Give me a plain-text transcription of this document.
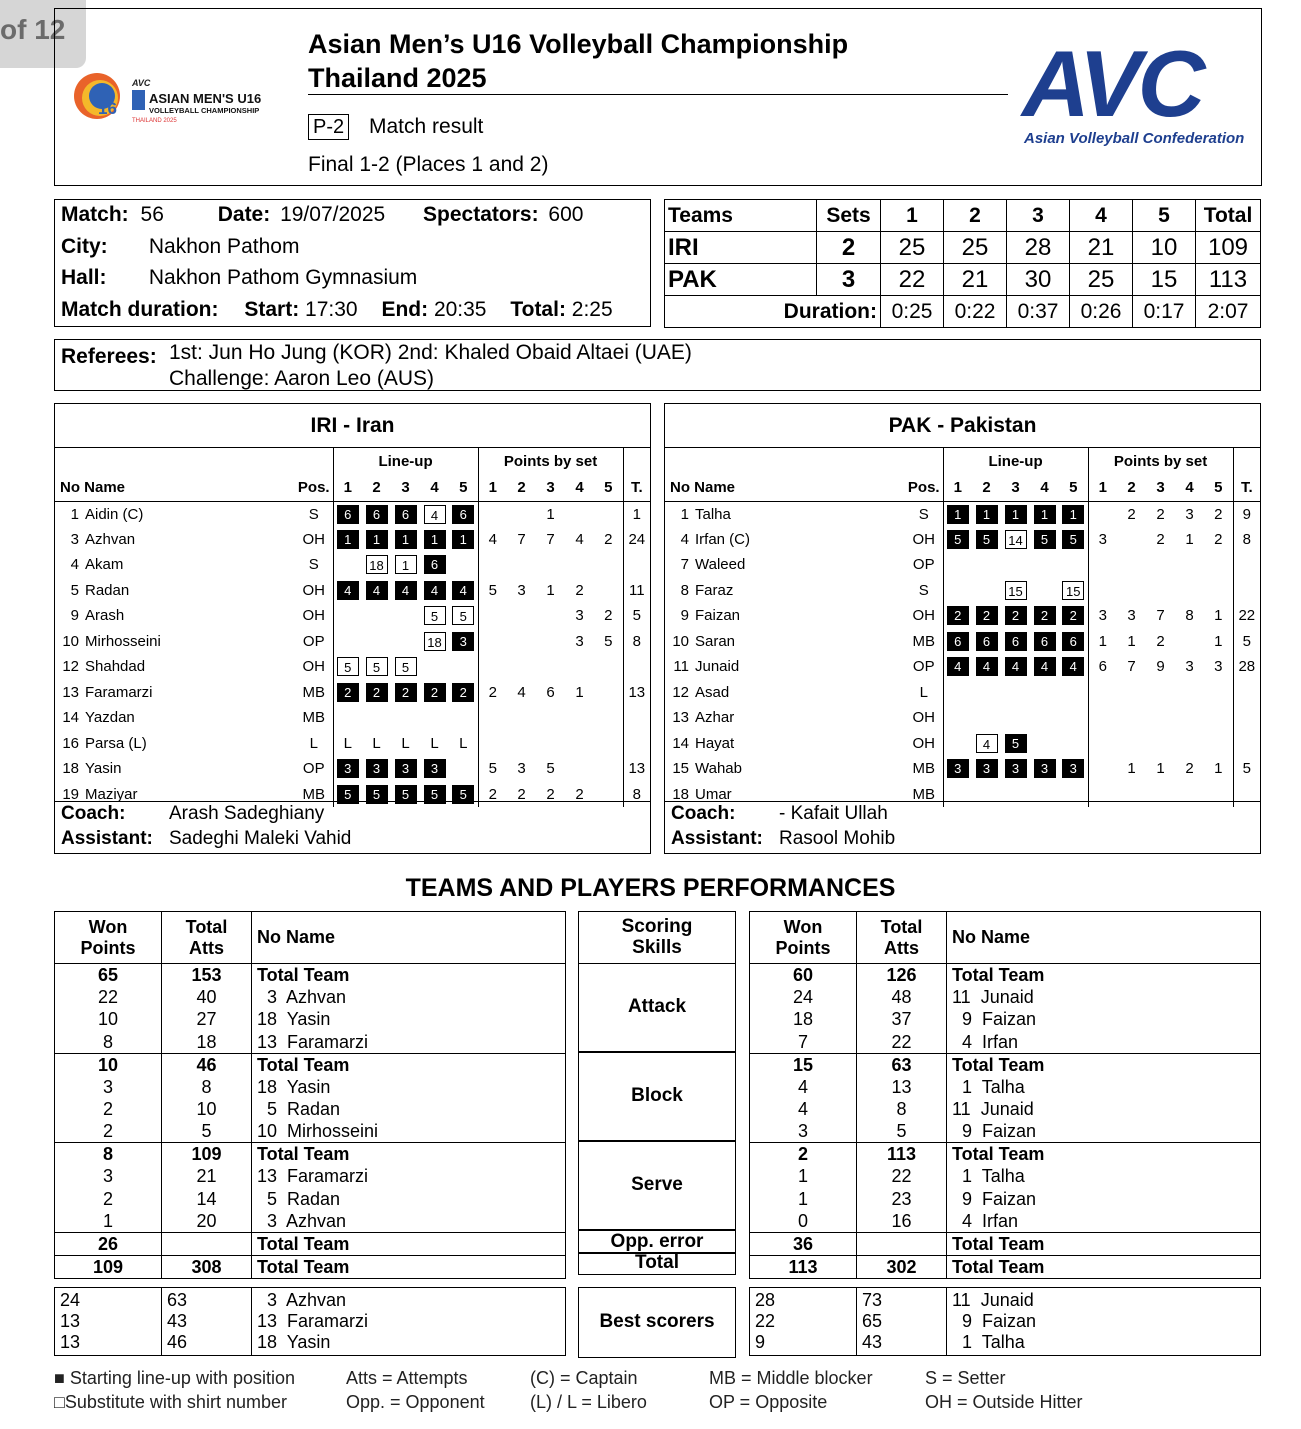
of 12
16
AVC
ASIAN MEN'S U16
VOLLEYBALL CHAMPIONSHIP
THAILAND 2025
Asian Men’s U16 Volleyball Championship
Thailand 2025
P-2 Match result
Final 1-2 (Places 1 and 2)
AVC
Asian Volleyball Confederation
Match: 56	Date: 19/07/2025 Spectators: 600
City: Nakhon Pathom
Hall: Nakhon Pathom Gymnasium
Match duration: Start: 17:30 End: 20:35 Total: 2:25
Teams	Sets	1	2	3	4	5	Total
IRI	2	25	25	28	21	10	109
PAK	3	22	21	30	25	15	113
Duration:		0:25	0:22	0:37	0:26	0:17	2:07
Referees: 1st: Jun Ho Jung (KOR) 2nd: Khaled Obaid Altaei (UAE)
Challenge: Aaron Leo (AUS)
IRI - Iran
			Line-up					Points by set					
No Name		Pos.	1	2	3	4	5	1	2	3	4	5	T.
1	Aidin (C)	S	6	6	6	4	6			1			1
3	Azhvan	OH	1	1	1	1	1	4	7	7	4	2	24
4	Akam	S		18	1	6							
5	Radan	OH	4	4	4	4	4	5	3	1	2		11
9	Arash	OH				5	5				3	2	5
10	Mirhosseini	OP				18	3				3	5	8
12	Shahdad	OH	5	5	5								
13	Faramarzi	MB	2	2	2	2	2	2	4	6	1		13
14	Yazdan	MB											
16	Parsa (L)	L	L	L	L	L	L						
18	Yasin	OP	3	3	3	3		5	3	5			13
19	Maziyar	MB	5	5	5	5	5	2	2	2	2		8
Coach: Arash Sadeghiany
Assistant: Sadeghi Maleki Vahid
PAK - Pakistan
			Line-up					Points by set					
No Name		Pos.	1	2	3	4	5	1	2	3	4	5	T.
1	Talha	S	1	1	1	1	1		2	2	3	2	9
4	Irfan (C)	OH	5	5	14	5	5	3		2	1	2	8
7	Waleed	OP											
8	Faraz	S			15		15						
9	Faizan	OH	2	2	2	2	2	3	3	7	8	1	22
10	Saran	MB	6	6	6	6	6	1	1	2		1	5
11	Junaid	OP	4	4	4	4	4	6	7	9	3	3	28
12	Asad	L											
13	Azhar	OH											
14	Hayat	OH		4	5								
15	Wahab	MB	3	3	3	3	3		1	1	2	1	5
18	Umar	MB											
Coach: - Kafait Ullah
Assistant: Rasool Mohib
TEAMS AND PLAYERS PERFORMANCES
Won
Points	Total
Atts	No Name
65	153	Total Team
22	40	3  Azhvan
10	27	18  Yasin
8	18	13  Faramarzi
10	46	Total Team
3	8	18  Yasin
2	10	5  Radan
2	5	10  Mirhosseini
8	109	Total Team
3	21	13  Faramarzi
2	14	5  Radan
1	20	3  Azhvan
26		Total Team
109	308	Total Team
Scoring
Skills
Attack
Block
Serve
Opp. error
Total
Won
Points	Total
Atts	No Name
60	126	Total Team
24	48	11  Junaid
18	37	9  Faizan
7	22	4  Irfan
15	63	Total Team
4	13	1  Talha
4	8	11  Junaid
3	5	9  Faizan
2	113	Total Team
1	22	1  Talha
1	23	9  Faizan
0	16	4  Irfan
36		Total Team
113	302	Total Team
24	63	3  Azhvan
13	43	13  Faramarzi
13	46	18  Yasin
Best scorers
28	73	11  Junaid
22	65	9  Faizan
9	43	1  Talha
■ Starting line-up with position
□Substitute with shirt number
Atts = Attempts
Opp. = Opponent
(C) = Captain
(L) / L = Libero
MB = Middle blocker
OP = Opposite
S = Setter
OH = Outside Hitter
